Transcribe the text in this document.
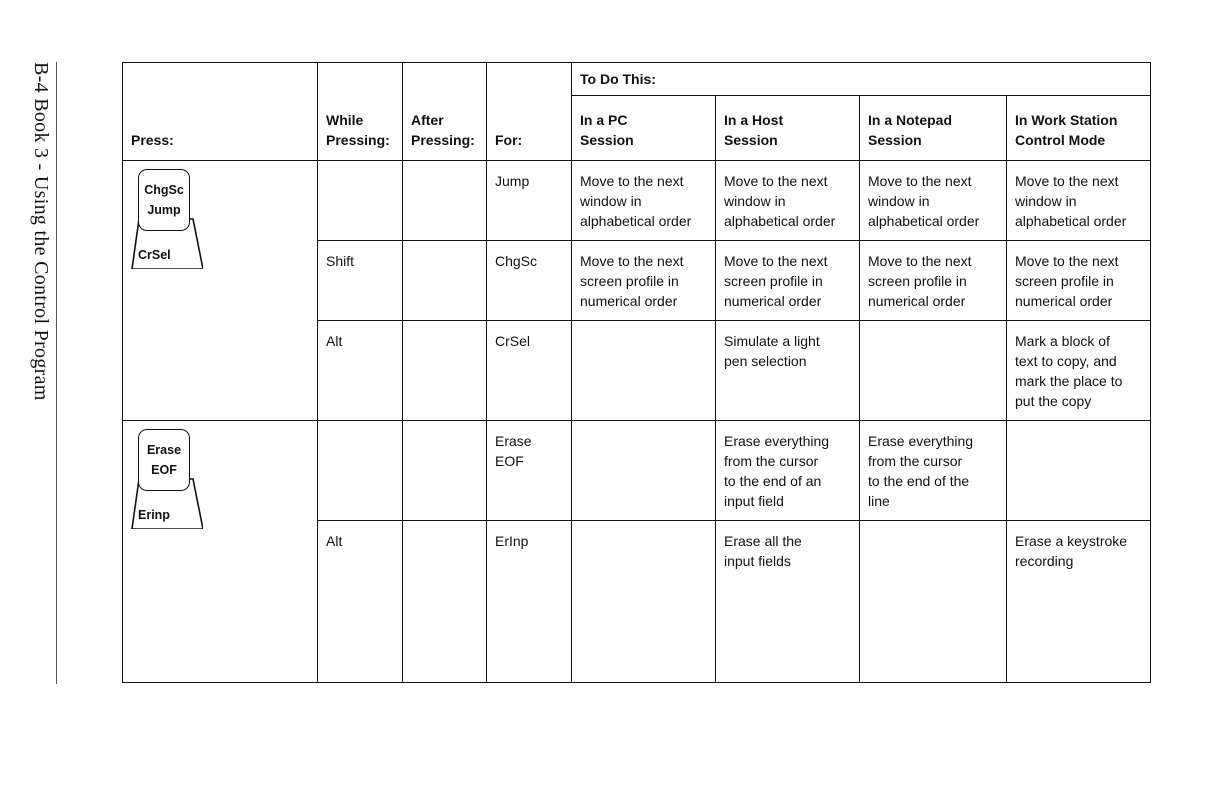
B-4 Book 3 - Using the Control Program	Press:	While
Pressing:	After
Pressing:	For:	To Do This:			
				In a PC
Session	In a Host
Session	In a Notepad
Session	In Work Station
Control Mode

ChgSc
Jump
CrSel			Jump	Move to the next
window in
alphabetical order	Move to the next
window in
alphabetical order	Move to the next
window in
alphabetical order	Move to the next
window in
alphabetical order
	Shift		ChgSc	Move to the next
screen profile in
numerical order	Move to the next
screen profile in
numerical order	Move to the next
screen profile in
numerical order	Move to the next
screen profile in
numerical order
	Alt		CrSel		Simulate a light
pen selection		Mark a block of
text to copy, and
mark the place to
put the copy

Erase
EOF
Erinp			Erase
EOF		Erase everything
from the cursor
to the end of an
input field	Erase everything
from the cursor
to the end of the
line	
	Alt		ErInp		Erase all the
input fields		Erase a keystroke
recording
